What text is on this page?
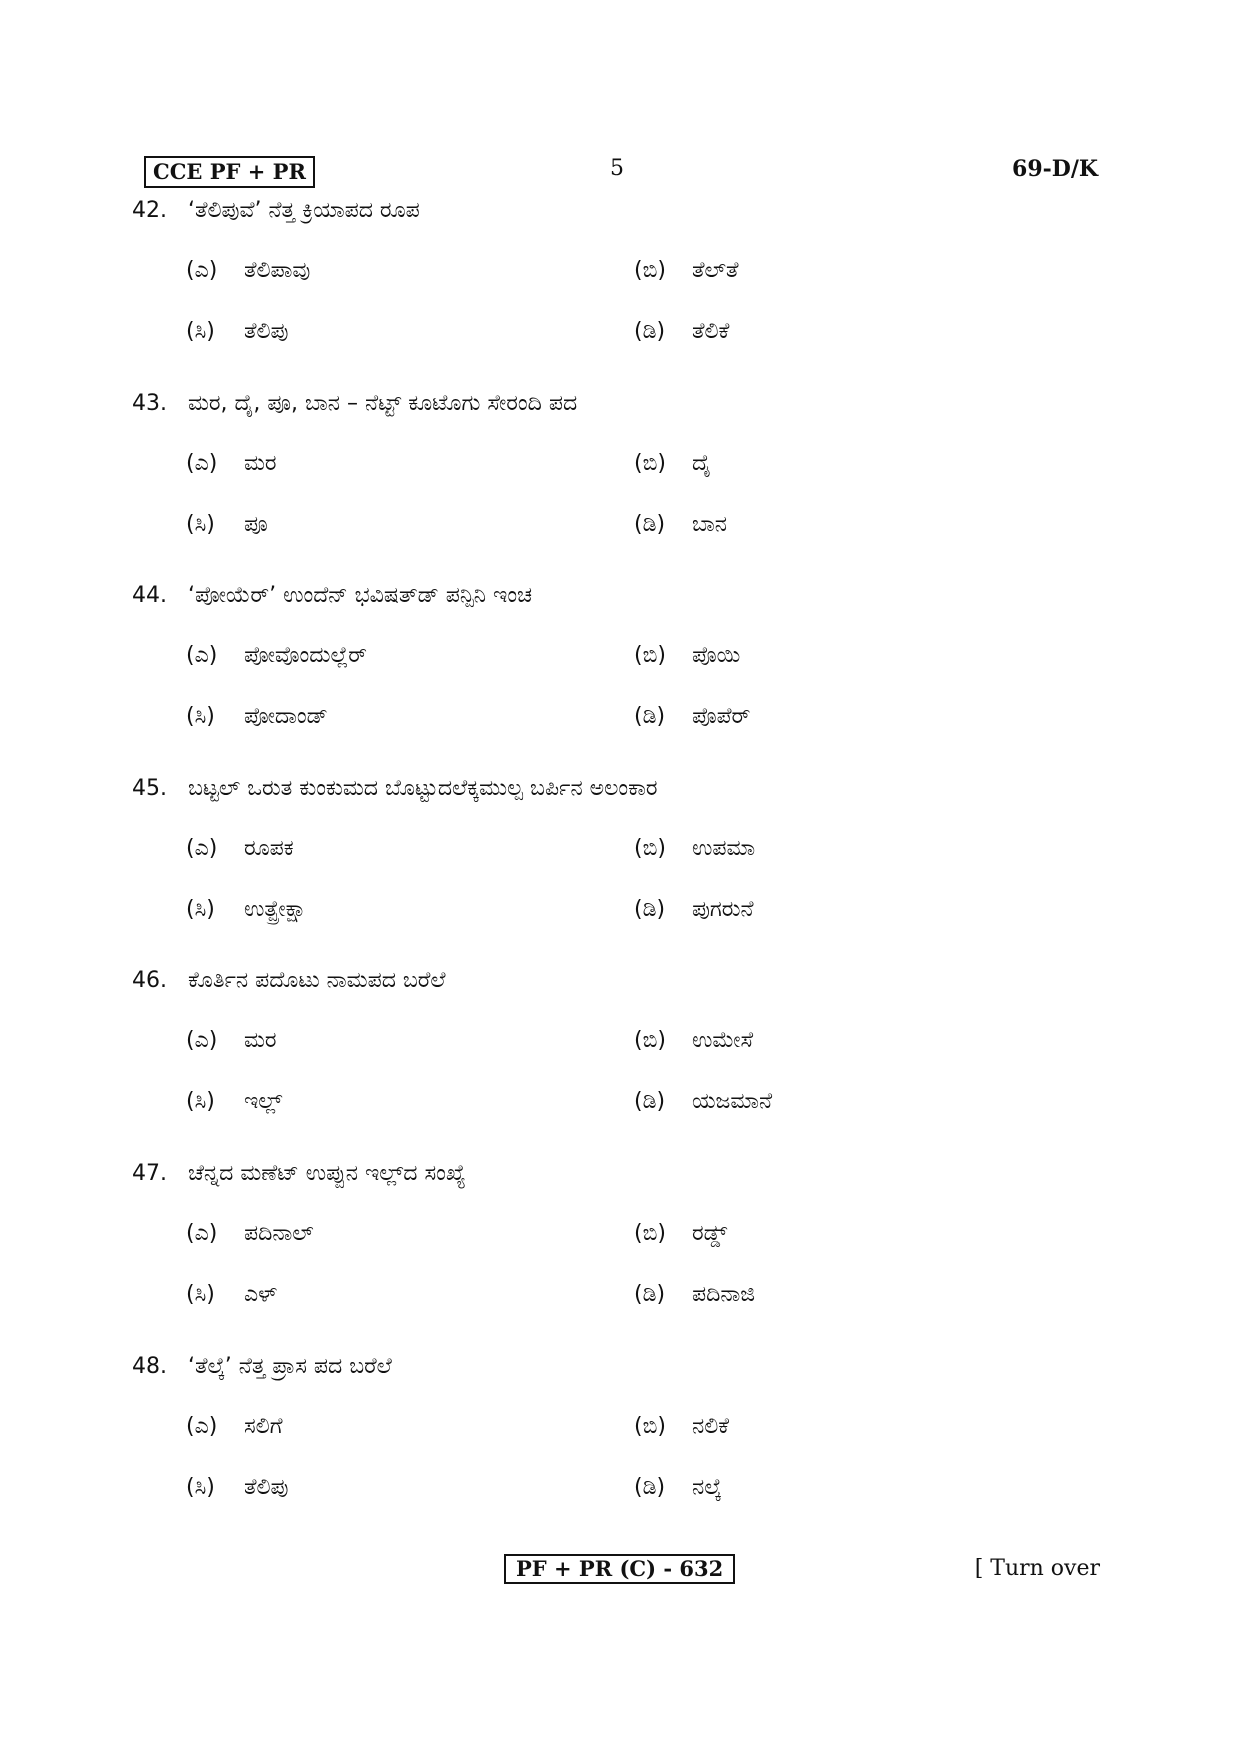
CCE PF + PR	5	69-D/K
42. ‘ತೆಲಿಪುವೆ’ ನೆತ್ತ ಕ್ರಿಯಾಪದ ರೂಪ
(ಎ) ತೆಲಿಪಾವು	(ಬಿ) ತೆಲ್‌ತೆ
(ಸಿ) ತೆಲಿಪು	(ಡಿ) ತೆಲಿಕೆ
43. ಮರ, ದೈ, ಪೂ, ಬಾನ – ನೆಟ್ಟ್ ಕೂಟೊಗು ಸೇರಂದಿ ಪದ
(ಎ) ಮರ	(ಬಿ) ದೈ
(ಸಿ) ಪೂ	(ಡಿ) ಬಾನ
44. ‘ಪೋಯೆರ್’ ಉಂದೆನ್ ಭವಿಷತ್‌ಡ್ ಪನ್ಪಿನಿ ಇಂಚ
(ಎ) ಪೋವೊಂದುಲ್ಲೆರ್	(ಬಿ) ಪೊಯಿ
(ಸಿ) ಪೋದಾಂಡ್	(ಡಿ) ಪೊಪೆರ್
45. ಬಟ್ಟಲ್ ಒರುತ ಕುಂಕುಮದ ಬೊಟ್ಟುದಲೆಕ್ಕಮುಲ್ಪ ಬರ್ಪಿನ ಅಲಂಕಾರ
(ಎ) ರೂಪಕ	(ಬಿ) ಉಪಮಾ
(ಸಿ) ಉತ್ಪ್ರೇಕ್ಷಾ	(ಡಿ) ಪುಗರುನೆ
46. ಕೊರ್ತಿನ ಪದೊಟು ನಾಮಪದ ಬರೆಲೆ
(ಎ) ಮರ	(ಬಿ) ಉಮೇಸೆ
(ಸಿ) ಇಲ್ಲ್	(ಡಿ) ಯಜಮಾನೆ
47. ಚೆನ್ನದ ಮಣೆಟ್ ಉಪ್ಪುನ ಇಲ್ಲ್‌ದ ಸಂಖ್ಯೆ
(ಎ) ಪದಿನಾಲ್	(ಬಿ) ರಡ್ಡ್
(ಸಿ) ಎಳ್	(ಡಿ) ಪದಿನಾಜಿ
48. ‘ತೆಲ್ಕೆ’ ನೆತ್ತ ಪ್ರಾಸ ಪದ ಬರೆಲೆ
(ಎ) ಸಲಿಗೆ	(ಬಿ) ನಲಿಕೆ
(ಸಿ) ತೆಲಿಪು	(ಡಿ) ನಲ್ಕೆ
PF + PR (C) - 632	[ Turn over
